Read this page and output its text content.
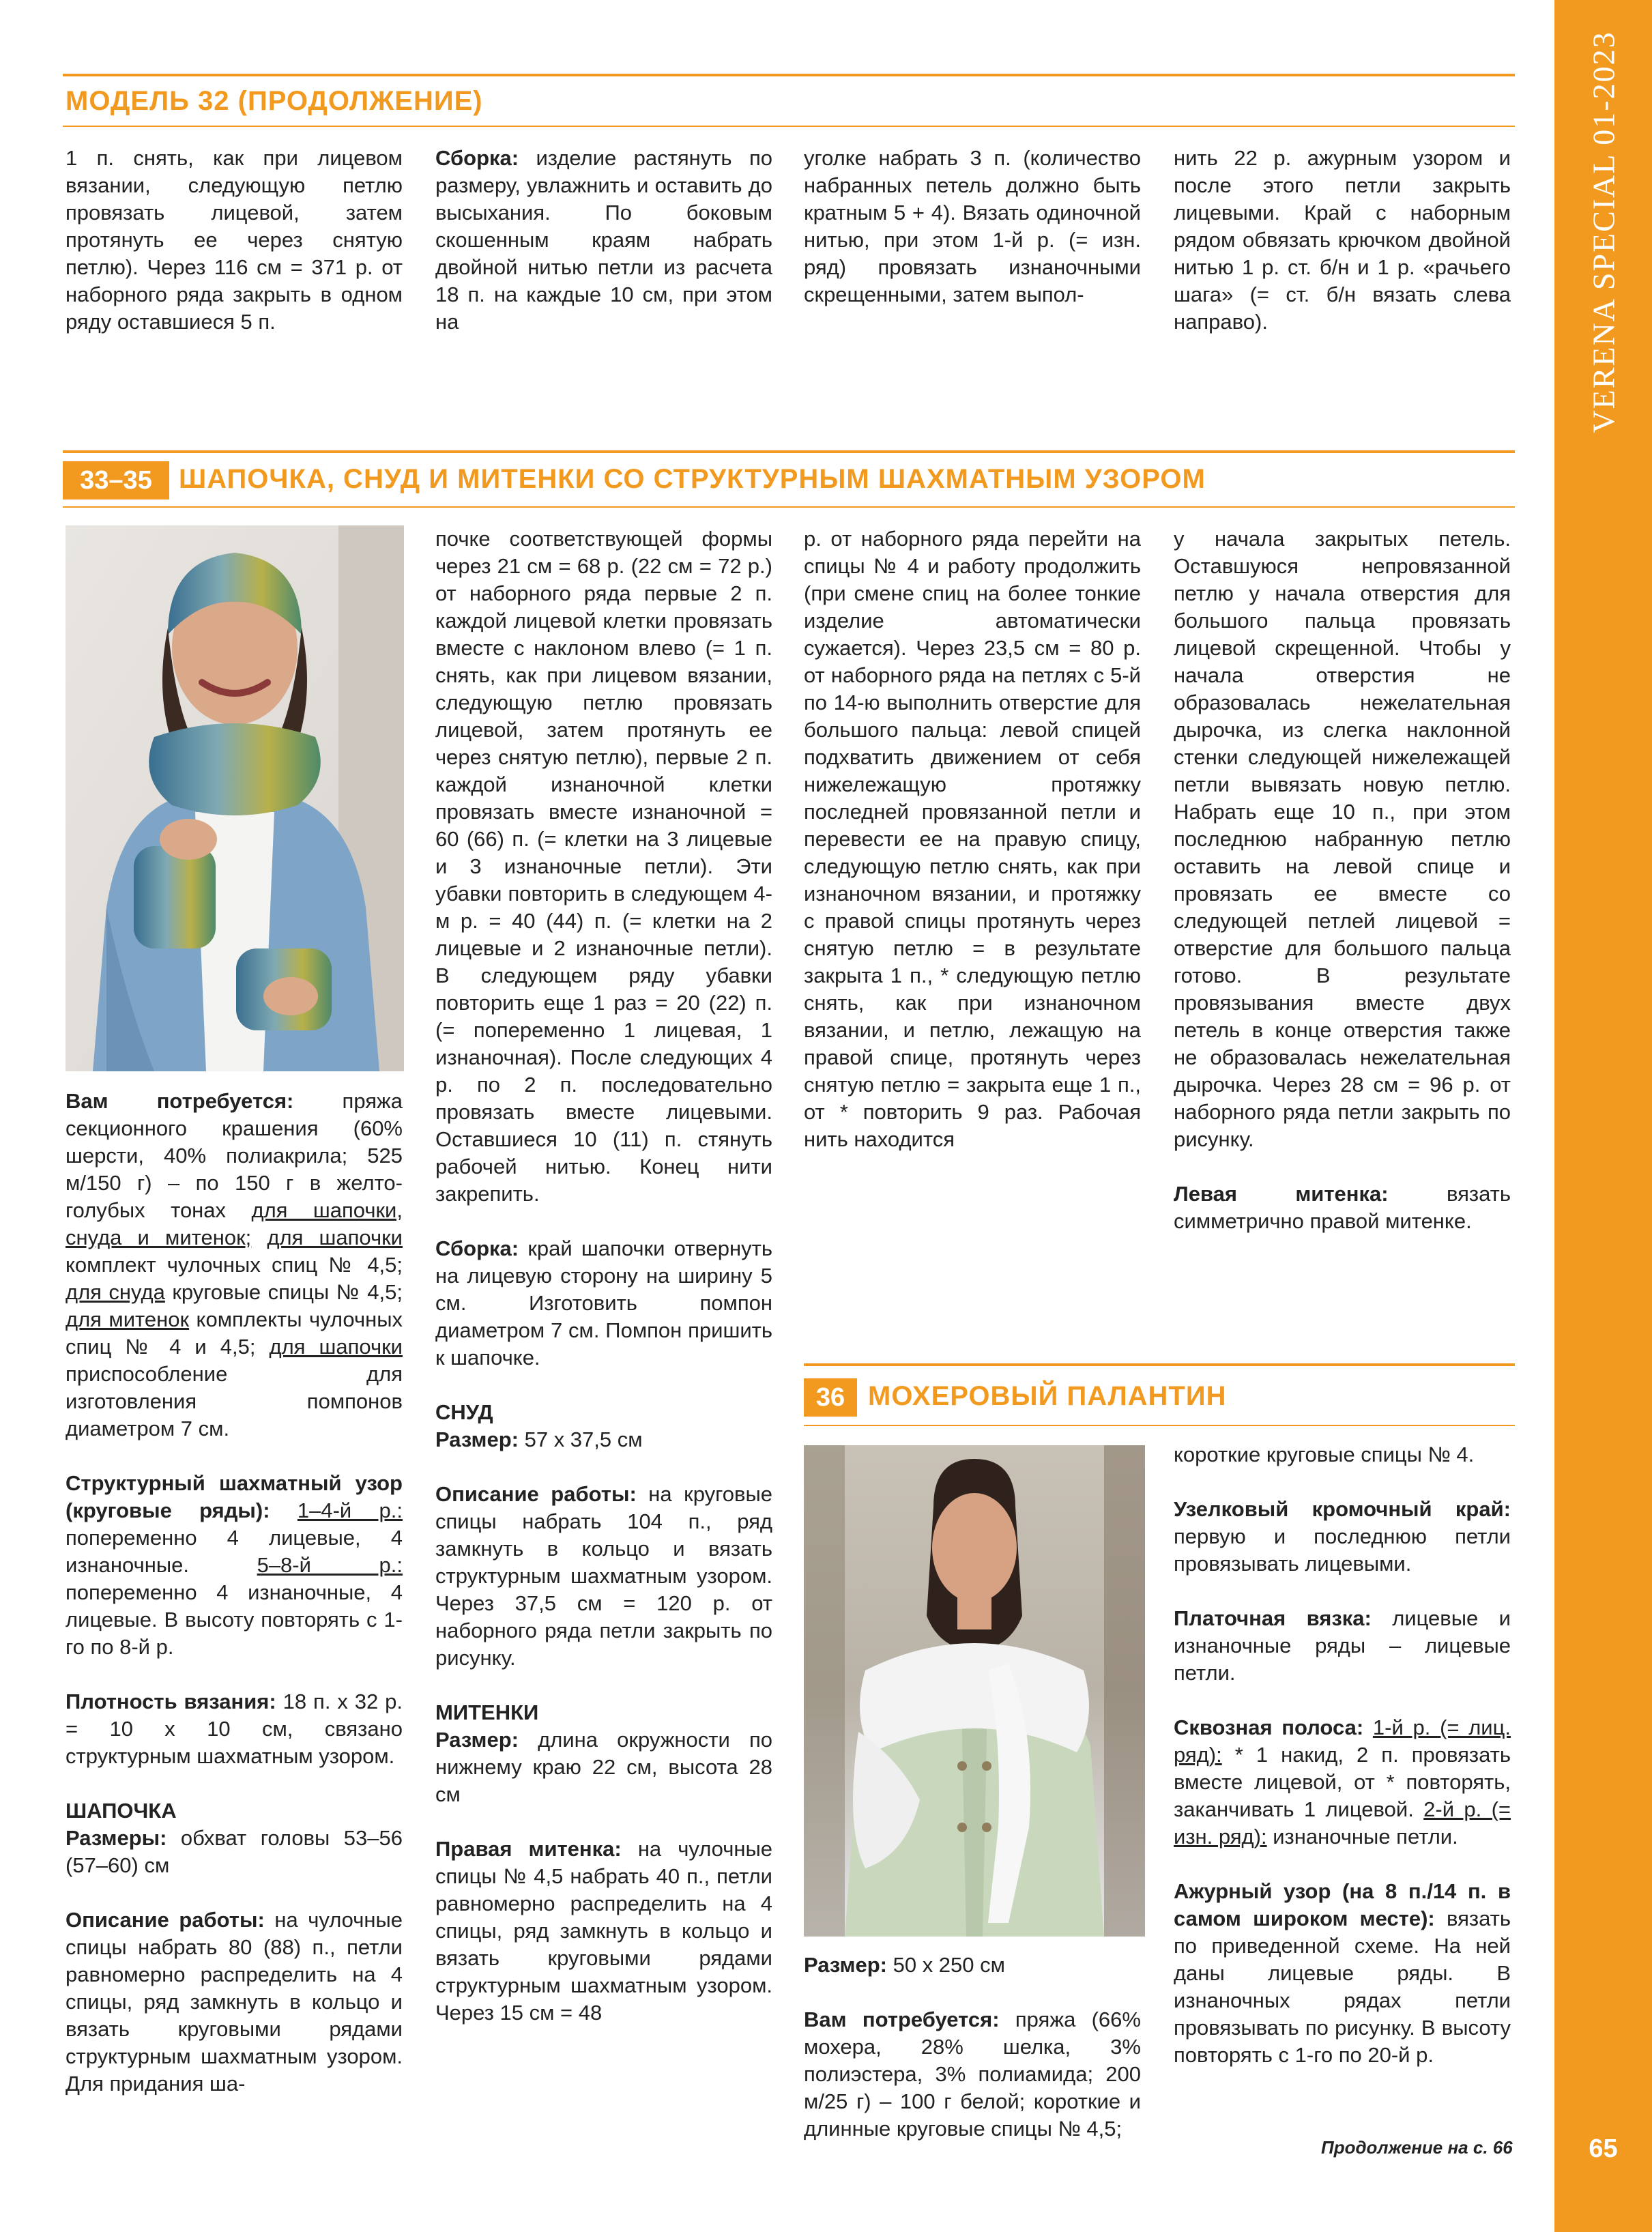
VERENA SPECIAL 01-2023
65
МОДЕЛЬ 32 (ПРОДОЛЖЕНИЕ)

1 п. снять, как при лицевом вязании, следующую петлю провязать лицевой, затем протянуть ее через снятую петлю). Через 116 см = 371 р. от наборного ряда закрыть в одном ряду оставшиеся 5 п.

Сборка: изделие растянуть по размеру, увлажнить и оставить до высыхания. По боковым скошенным краям набрать двойной нитью петли из расчета 18 п. на каждые 10 см, при этом на

уголке набрать 3 п. (количество набранных петель должно быть кратным 5 + 4). Вязать одиночной нитью, при этом 1-й р. (= изн. ряд) провязать изнаночными скрещенными, затем выпол-

нить 22 р. ажурным узором и после этого петли закрыть лицевыми. Край с наборным рядом обвязать крючком двойной нитью 1 р. ст. б/н и 1 р. «рачьего шага» (= ст. б/н вязать слева направо).

33–35 ШАПОЧКА, СНУД И МИТЕНКИ СО СТРУКТУРНЫМ ШАХМАТНЫМ УЗОРОМ

Вам потребуется: пряжа секционного крашения (60% шерсти, 40% полиакрила; 525 м/150 г) – по 150 г в желто-голубых тонах для шапочки, снуда и митенок; для шапочки комплект чулочных спиц № 4,5; для снуда круговые спицы № 4,5; для митенок комплекты чулочных спиц № 4 и 4,5; для шапочки приспособление для изготовления помпонов диаметром 7 см.

Структурный шахматный узор (круговые ряды): 1–4-й р.: попеременно 4 лицевые, 4 изнаночные. 5–8-й р.: попеременно 4 изнаночные, 4 лицевые. В высоту повторять с 1-го по 8-й р.

Плотность вязания: 18 п. х 32 р. = 10 х 10 см, связано структурным шахматным узором.

ШАПОЧКА
Размеры: обхват головы 53–56 (57–60) см

Описание работы: на чулочные спицы набрать 80 (88) п., петли равномерно распределить на 4 спицы, ряд замкнуть в кольцо и вязать круговыми рядами структурным шахматным узором. Для придания ша-

почке соответствующей формы через 21 см = 68 р. (22 см = 72 р.) от наборного ряда первые 2 п. каждой лицевой клетки провязать вместе с наклоном влево (= 1 п. снять, как при лицевом вязании, следующую петлю провязать лицевой, затем протянуть ее через снятую петлю), первые 2 п. каждой изнаночной клетки провязать вместе изнаночной = 60 (66) п. (= клетки на 3 лицевые и 3 изнаночные петли). Эти убавки повторить в следующем 4-м р. = 40 (44) п. (= клетки на 2 лицевые и 2 изнаночные петли). В следующем ряду убавки повторить еще 1 раз = 20 (22) п. (= попеременно 1 лицевая, 1 изнаночная). После следующих 4 р. по 2 п. последовательно провязать вместе лицевыми. Оставшиеся 10 (11) п. стянуть рабочей нитью. Конец нити закрепить.

Сборка: край шапочки отвернуть на лицевую сторону на ширину 5 см. Изготовить помпон диаметром 7 см. Помпон пришить к шапочке.

СНУД
Размер: 57 х 37,5 см

Описание работы: на круговые спицы набрать 104 п., ряд замкнуть в кольцо и вязать структурным шахматным узором. Через 37,5 см = 120 р. от наборного ряда петли закрыть по рисунку.

МИТЕНКИ
Размер: длина окружности по нижнему краю 22 см, высота 28 см

Правая митенка: на чулочные спицы № 4,5 набрать 40 п., петли равномерно распределить на 4 спицы, ряд замкнуть в кольцо и вязать круговыми рядами структурным шахматным узором. Через 15 см = 48

р. от наборного ряда перейти на спицы № 4 и работу продолжить (при смене спиц на более тонкие изделие автоматически сужается). Через 23,5 см = 80 р. от наборного ряда на петлях с 5-й по 14-ю выполнить отверстие для большого пальца: левой спицей подхватить движением от себя нижележащую протяжку последней провязанной петли и перевести ее на правую спицу, следующую петлю снять, как при изнаночном вязании, и протяжку с правой спицы протянуть через снятую петлю = в результате закрыта 1 п., * следующую петлю снять, как при изнаночном вязании, и петлю, лежащую на правой спице, протянуть через снятую петлю = закрыта еще 1 п., от * повторить 9 раз. Рабочая нить находится

у начала закрытых петель. Оставшуюся непровязанной петлю у начала отверстия для большого пальца провязать лицевой скрещенной. Чтобы у начала отверстия не образовалась нежелательная дырочка, из слегка наклонной стенки следующей нижележащей петли вывязать новую петлю. Набрать еще 10 п., при этом последнюю набранную петлю оставить на левой спице и провязать ее вместе со следующей петлей лицевой = отверстие для большого пальца готово. В результате провязывания вместе двух петель в конце отверстия также не образовалась нежелательная дырочка. Через 28 см = 96 р. от наборного ряда петли закрыть по рисунку.

Левая митенка:	вязать симметрично правой митенке.

36 МОХЕРОВЫЙ ПАЛАНТИН

Размер: 50 х 250 см

Вам потребуется: пряжа (66% мохера, 28% шелка, 3% полиэстера, 3% полиамида; 200 м/25 г) – 100 г белой; короткие и длинные круговые спицы № 4,5;

короткие круговые спицы № 4.

Узелковый кромочный край: первую и последнюю петли провязывать лицевыми.

Платочная вязка: лицевые и изнаночные ряды – лицевые петли.

Сквозная полоса: 1-й р. (= лиц. ряд): * 1 накид, 2 п. провязать вместе лицевой, от * повторять, заканчивать 1 лицевой. 2-й р. (= изн. ряд): изнаночные петли.

Ажурный узор (на 8 п./14 п. в самом широком месте): вязать по приведенной схеме. На ней даны лицевые ряды. В изнаночных рядах петли провязывать по рисунку. В высоту повторять с 1-го по 20-й р.

Продолжение на с. 66
